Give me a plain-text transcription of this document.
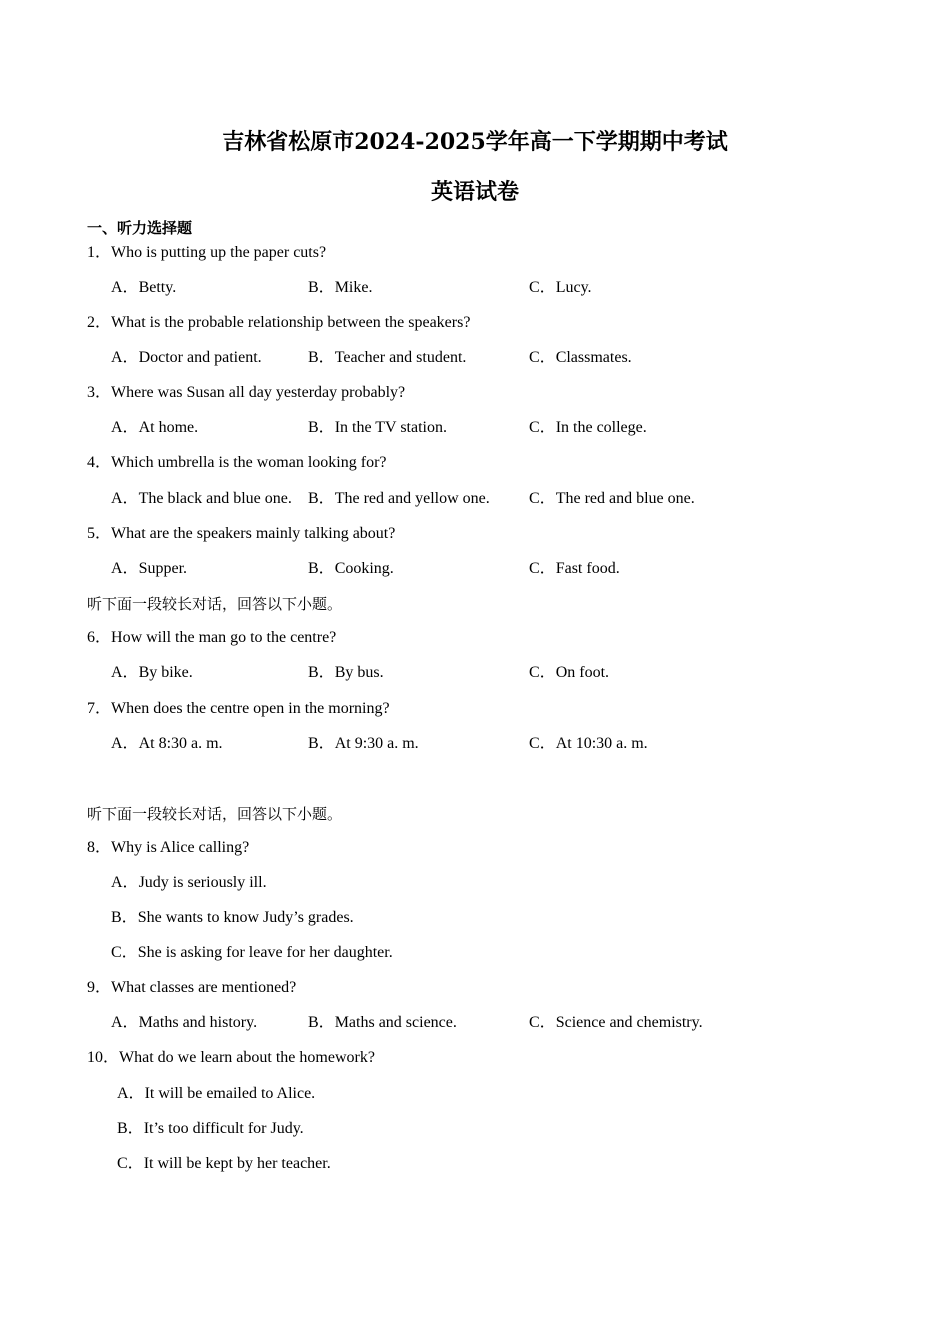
吉林省松原市2024-2025学年高一下学期期中考试
英语试卷
一、听力选择题
1．Who is putting up the paper cuts?
A．Betty.	B．Mike.	C．Lucy.
2．What is the probable relationship between the speakers?
A．Doctor and patient.	B．Teacher and student.	C．Classmates.
3．Where was Susan all day yesterday probably?
A．At home.	B．In the TV station.	C．In the college.
4．Which umbrella is the woman looking for?
A．The black and blue one. B．The red and yellow one. C．The red and blue one.
5．What are the speakers mainly talking about?
A．Supper.	B．Cooking.	C．Fast food.
听下面一段较长对话，回答以下小题。
6．How will the man go to the centre?
A．By bike.	B．By bus.	C．On foot.
7．When does the centre open in the morning?
A．At 8:30 a. m.	B．At 9:30 a. m.	C．At 10:30 a. m.
听下面一段较长对话，回答以下小题。
8．Why is Alice calling?
A．Judy is seriously ill.
B．She wants to know Judy’s grades.
C．She is asking for leave for her daughter.
9．What classes are mentioned?
A．Maths and history.	B．Maths and science.	C．Science and chemistry.
10．What do we learn about the homework?
A．It will be emailed to Alice.
B．It’s too difficult for Judy.
C．It will be kept by her teacher.
